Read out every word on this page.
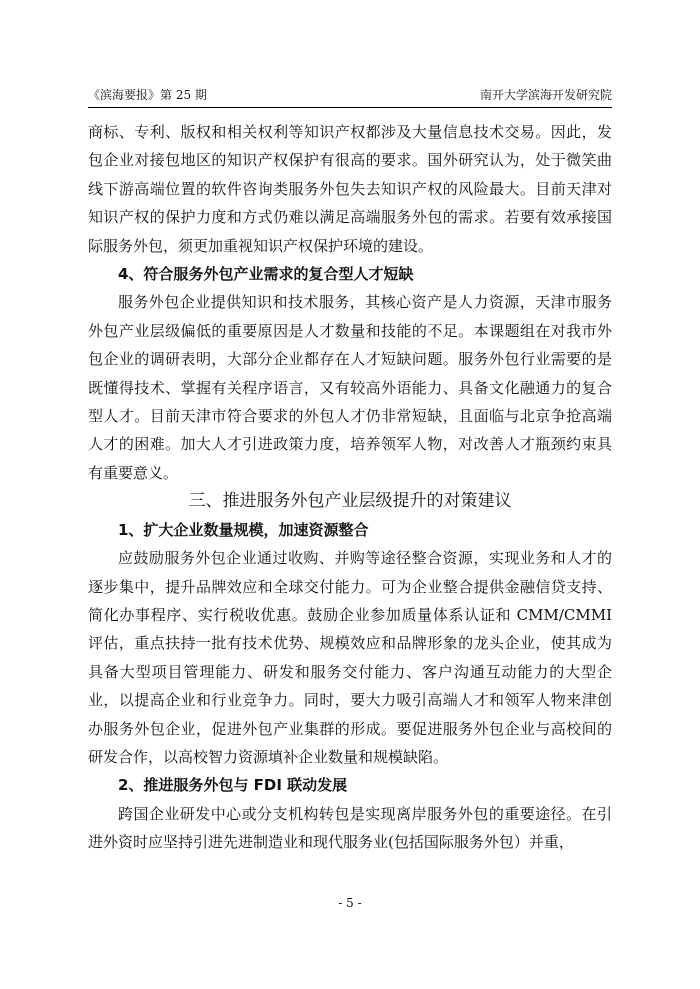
《滨海要报》第 25 期	南开大学滨海开发研究院

商标、专利、版权和相关权利等知识产权都涉及大量信息技术交易。因此，发包企业对接包地区的知识产权保护有很高的要求。国外研究认为，处于微笑曲线下游高端位置的软件咨询类服务外包失去知识产权的风险最大。目前天津对知识产权的保护力度和方式仍难以满足高端服务外包的需求。若要有效承接国际服务外包，须更加重视知识产权保护环境的建设。

4、符合服务外包产业需求的复合型人才短缺

服务外包企业提供知识和技术服务，其核心资产是人力资源，天津市服务外包产业层级偏低的重要原因是人才数量和技能的不足。本课题组在对我市外包企业的调研表明，大部分企业都存在人才短缺问题。服务外包行业需要的是既懂得技术、掌握有关程序语言，又有较高外语能力、具备文化融通力的复合型人才。目前天津市符合要求的外包人才仍非常短缺，且面临与北京争抢高端人才的困难。加大人才引进政策力度，培养领军人物，对改善人才瓶颈约束具有重要意义。

三、推进服务外包产业层级提升的对策建议

1、扩大企业数量规模，加速资源整合

应鼓励服务外包企业通过收购、并购等途径整合资源，实现业务和人才的逐步集中，提升品牌效应和全球交付能力。可为企业整合提供金融信贷支持、简化办事程序、实行税收优惠。鼓励企业参加质量体系认证和 CMM/CMMI 评估，重点扶持一批有技术优势、规模效应和品牌形象的龙头企业，使其成为具备大型项目管理能力、研发和服务交付能力、客户沟通互动能力的大型企业，以提高企业和行业竞争力。同时，要大力吸引高端人才和领军人物来津创办服务外包企业，促进外包产业集群的形成。要促进服务外包企业与高校间的研发合作，以高校智力资源填补企业数量和规模缺陷。

2、推进服务外包与 FDI 联动发展

跨国企业研发中心或分支机构转包是实现离岸服务外包的重要途径。在引进外资时应坚持引进先进制造业和现代服务业(包括国际服务外包）并重，

- 5 -
